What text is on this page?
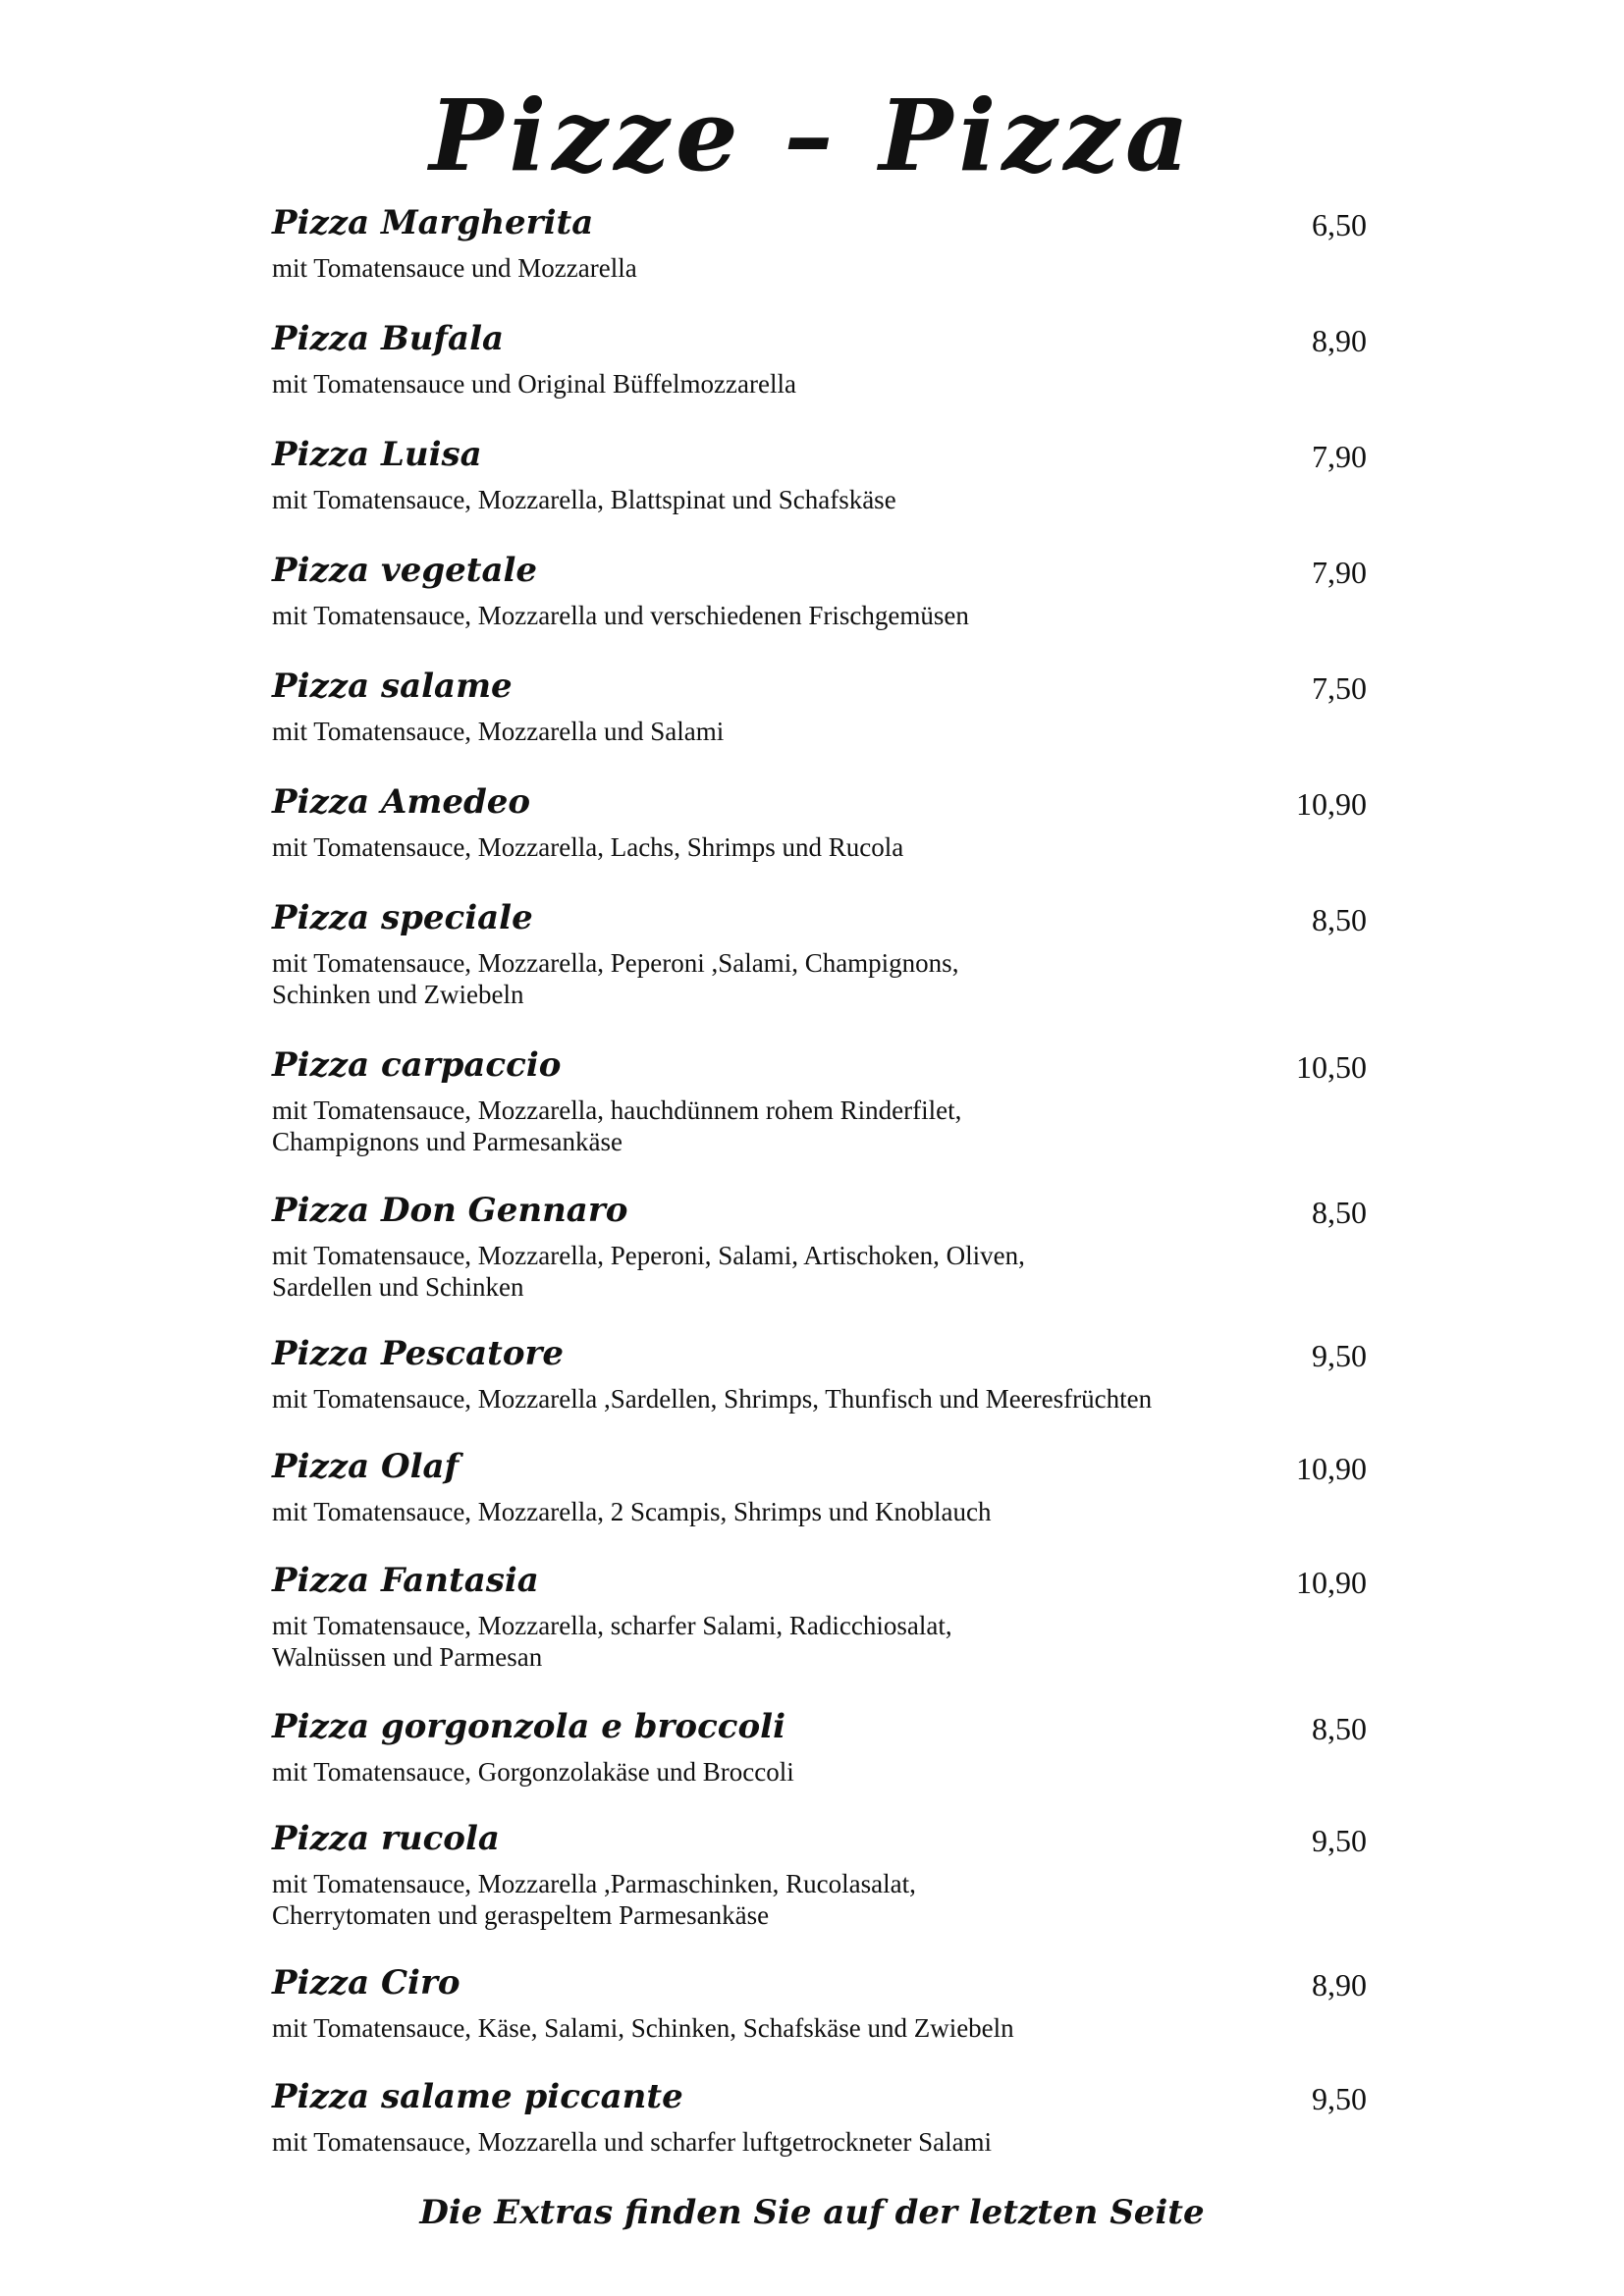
Pizze – Pizza
Pizza Margherita	6,50
mit Tomatensauce und Mozzarella
Pizza Bufala	8,90
mit Tomatensauce und Original Büffelmozzarella
Pizza Luisa	7,90
mit Tomatensauce, Mozzarella, Blattspinat und Schafskäse
Pizza vegetale	7,90
mit Tomatensauce, Mozzarella und verschiedenen Frischgemüsen
Pizza salame	7,50
mit Tomatensauce, Mozzarella und Salami
Pizza Amedeo	10,90
mit Tomatensauce, Mozzarella, Lachs, Shrimps und Rucola
Pizza speciale	8,50
mit Tomatensauce, Mozzarella, Peperoni ,Salami, Champignons,
Schinken und Zwiebeln
Pizza carpaccio	10,50
mit Tomatensauce, Mozzarella, hauchdünnem rohem Rinderfilet,
Champignons und Parmesankäse
Pizza Don Gennaro	8,50
mit Tomatensauce, Mozzarella, Peperoni, Salami, Artischoken, Oliven,
Sardellen und Schinken
Pizza Pescatore	9,50
mit Tomatensauce, Mozzarella ,Sardellen, Shrimps, Thunfisch und Meeresfrüchten
Pizza Olaf	10,90
mit Tomatensauce, Mozzarella, 2 Scampis, Shrimps und Knoblauch
Pizza Fantasia	10,90
mit Tomatensauce, Mozzarella, scharfer Salami, Radicchiosalat,
Walnüssen und Parmesan
Pizza gorgonzola e broccoli	8,50
mit Tomatensauce, Gorgonzolakäse und Broccoli
Pizza rucola	9,50
mit Tomatensauce, Mozzarella ,Parmaschinken, Rucolasalat,
Cherrytomaten und geraspeltem Parmesankäse
Pizza Ciro	8,90
mit Tomatensauce, Käse, Salami, Schinken, Schafskäse und Zwiebeln
Pizza salame piccante	9,50
mit Tomatensauce, Mozzarella und scharfer luftgetrockneter Salami
Die Extras finden Sie auf der letzten Seite
